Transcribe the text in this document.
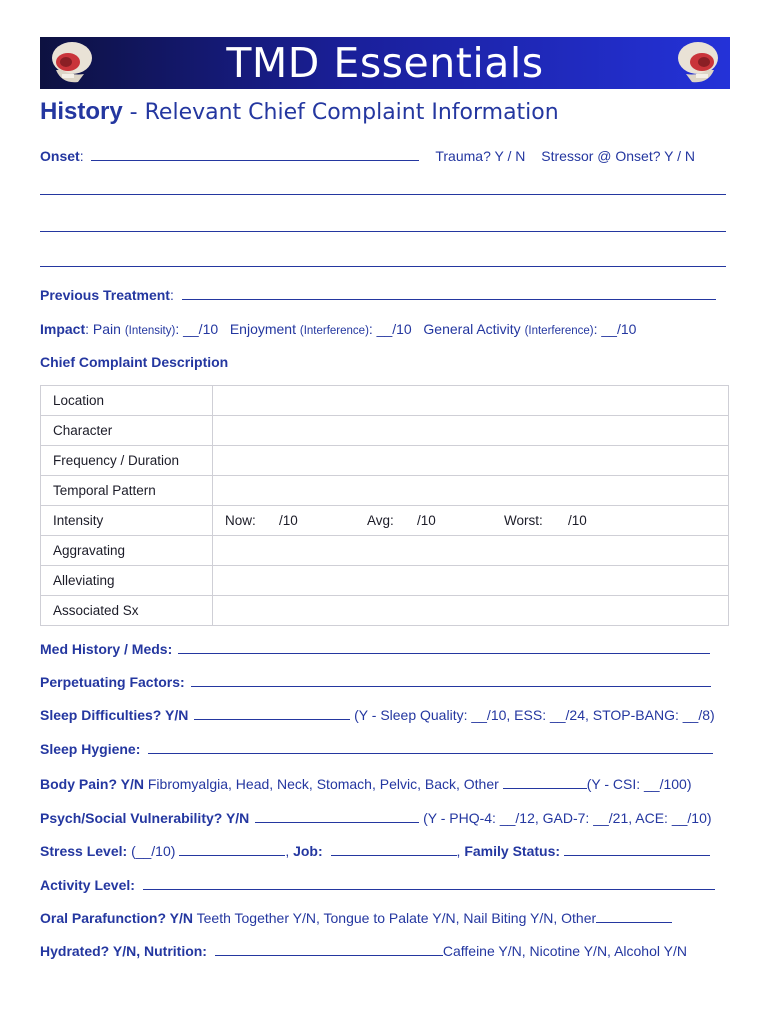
TMD Essentials
History - Relevant Chief Complaint Information
Onset:	Trauma? Y / N Stressor @ Onset? Y / N
Previous Treatment:
Impact: Pain (Intensity): __/10 Enjoyment (Interference): __/10 General Activity (Interference): __/10
Chief Complaint Description
Location	
Character	
Frequency / Duration	
Temporal Pattern	
Intensity	Now: /10 Avg: /10 Worst: /10
Aggravating	
Alleviating	
Associated Sx	
Med History / Meds:
Perpetuating Factors:
Sleep Difficulties? Y/N	(Y - Sleep Quality: __/10, ESS: __/24, STOP-BANG: __/8)
Sleep Hygiene:
Body Pain? Y/N Fibromyalgia, Head, Neck, Stomach, Pelvic, Back, Other	(Y - CSI: __/100)
Psych/Social Vulnerability? Y/N	(Y - PHQ-4: __/12, GAD-7: __/21, ACE: __/10)
Stress Level: (__/10)	, Job:	, Family Status:
Activity Level:
Oral Parafunction? Y/N Teeth Together Y/N, Tongue to Palate Y/N, Nail Biting Y/N, Other
Hydrated? Y/N, Nutrition:	Caffeine Y/N, Nicotine Y/N, Alcohol Y/N
